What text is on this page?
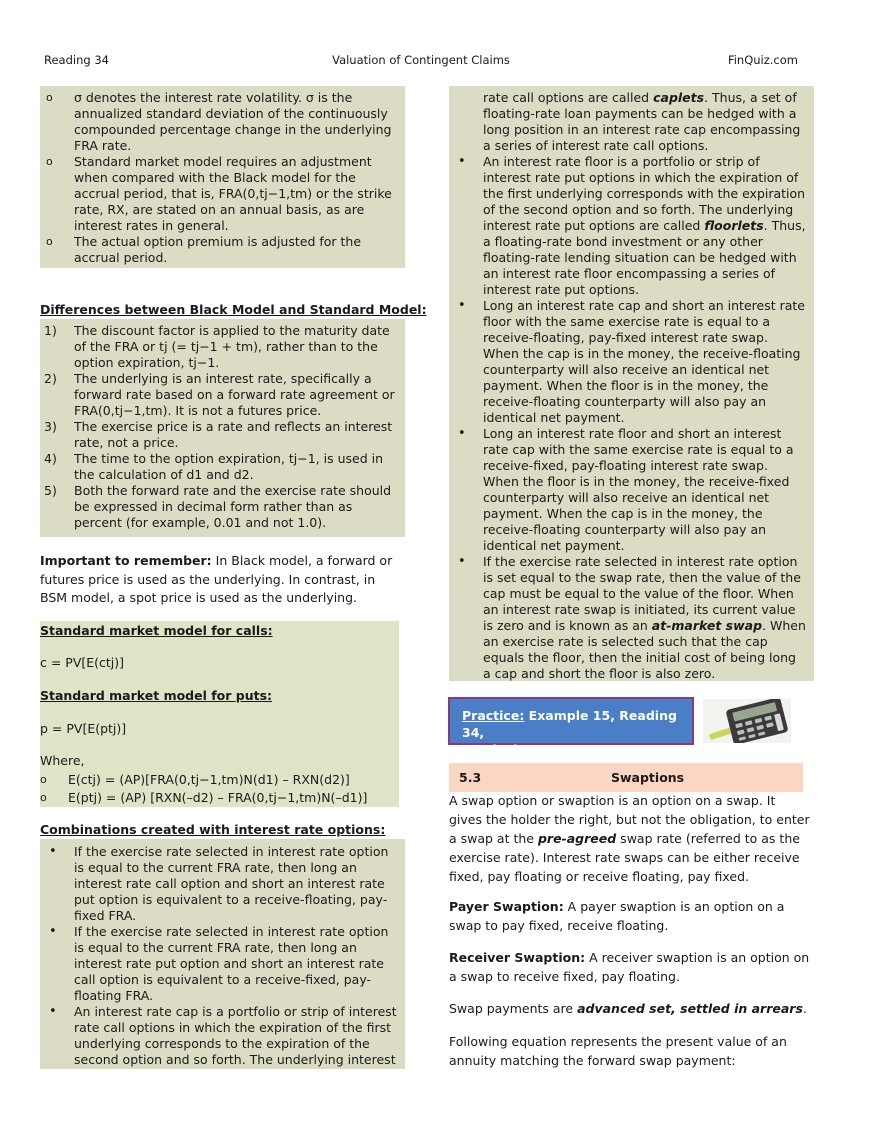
Reading 34	Valuation of Contingent Claims	FinQuiz.com
o σ denotes the interest rate volatility. σ is the annualized standard deviation of the continuously compounded percentage change in the underlying FRA rate.
o Standard market model requires an adjustment when compared with the Black model for the accrual period, that is, FRA(0,tj−1,tm) or the strike rate, RX, are stated on an annual basis, as are interest rates in general.
o The actual option premium is adjusted for the accrual period.
Differences between Black Model and Standard Model:
1) The discount factor is applied to the maturity date of the FRA or tj (= tj−1 + tm), rather than to the option expiration, tj−1.
2) The underlying is an interest rate, specifically a forward rate based on a forward rate agreement or FRA(0,tj−1,tm). It is not a futures price.
3) The exercise price is a rate and reflects an interest rate, not a price.
4) The time to the option expiration, tj−1, is used in the calculation of d1 and d2.
5) Both the forward rate and the exercise rate should be expressed in decimal form rather than as percent (for example, 0.01 and not 1.0).
Important to remember: In Black model, a forward or futures price is used as the underlying. In contrast, in BSM model, a spot price is used as the underlying.
Standard market model for calls:
c = PV[E(ctj)]
Standard market model for puts:
p = PV[E(ptj)]
Where,
o E(ctj) = (AP)[FRA(0,tj−1,tm)N(d1) – RXN(d2)]
o E(ptj) = (AP) [RXN(–d2) – FRA(0,tj−1,tm)N(–d1)]
Combinations created with interest rate options:
• If the exercise rate selected in interest rate option is equal to the current FRA rate, then long an interest rate call option and short an interest rate put option is equivalent to a receive-floating, pay-fixed FRA.
• If the exercise rate selected in interest rate option is equal to the current FRA rate, then long an interest rate put option and short an interest rate call option is equivalent to a receive-fixed, pay-floating FRA.
• An interest rate cap is a portfolio or strip of interest rate call options in which the expiration of the first underlying corresponds to the expiration of the second option and so forth. The underlying interest
rate call options are called caplets. Thus, a set of floating-rate loan payments can be hedged with a long position in an interest rate cap encompassing a series of interest rate call options.
• An interest rate floor is a portfolio or strip of interest rate put options in which the expiration of the first underlying corresponds with the expiration of the second option and so forth. The underlying interest rate put options are called floorlets. Thus, a floating-rate bond investment or any other floating-rate lending situation can be hedged with an interest rate floor encompassing a series of interest rate put options.
• Long an interest rate cap and short an interest rate floor with the same exercise rate is equal to a receive-floating, pay-fixed interest rate swap. When the cap is in the money, the receive-floating counterparty will also receive an identical net payment. When the floor is in the money, the receive-floating counterparty will also pay an identical net payment.
• Long an interest rate floor and short an interest rate cap with the same exercise rate is equal to a receive-fixed, pay-floating interest rate swap. When the floor is in the money, the receive-fixed counterparty will also receive an identical net payment. When the cap is in the money, the receive-floating counterparty will also pay an identical net payment.
• If the exercise rate selected in interest rate option is set equal to the swap rate, then the value of the cap must be equal to the value of the floor. When an interest rate swap is initiated, its current value is zero and is known as an at-market swap. When an exercise rate is selected such that the cap equals the floor, then the initial cost of being long a cap and short the floor is also zero.
Practice: Example 15, Reading 34,
Curriculum.
5.3	Swaptions
A swap option or swaption is an option on a swap. It gives the holder the right, but not the obligation, to enter a swap at the pre-agreed swap rate (referred to as the exercise rate). Interest rate swaps can be either receive fixed, pay floating or receive floating, pay fixed.
Payer Swaption: A payer swaption is an option on a swap to pay fixed, receive floating.
Receiver Swaption: A receiver swaption is an option on a swap to receive fixed, pay floating.
Swap payments are advanced set, settled in arrears.
Following equation represents the present value of an annuity matching the forward swap payment:
